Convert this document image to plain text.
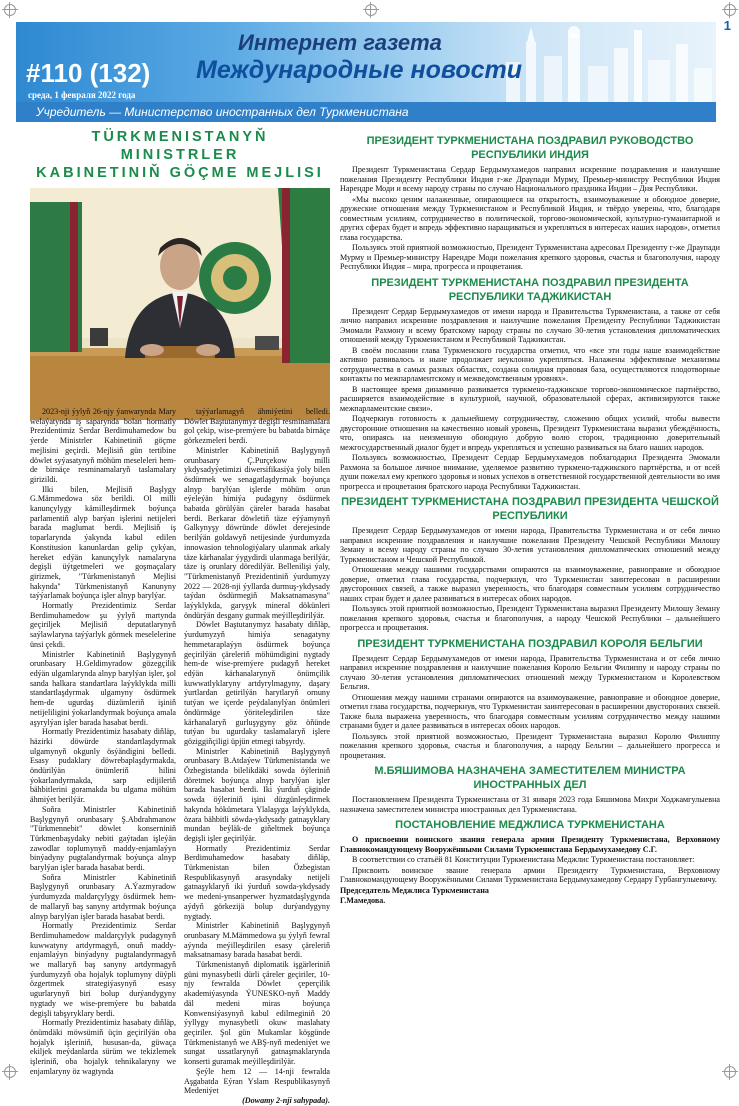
1
#110 (132)
среда, 1 февраля 2022 года
Интернет газета
Международные новости
Учредитель — Министерство иностранных дел Туркменистана
TÜRKMENISTANYŇ MINISTRLER
KABINETINIŇ GÖÇME MEJLISI

2023-nji ýylyň 26-njy ýanwarynda Mary welaýatynda iş saparynda bolan hormatly Prezidentimiz Serdar Berdimuhamedow bu ýerde Ministrler Kabinetiniň göçme mejlisini geçirdi. Mejlisiň gün tertibine döwlet syýasatynyň möhüm meseleleri hem-de birnäçe resminamalaryň taslamalary girizildi.

Ilki bilen, Mejlisiň Başlygy G.Mämmedowa söz berildi. Ol milli kanunçylygy kämilleşdirmek boýunça parlamentiň alyp barýan işlerini netijeleri barada maglumat berdi. Mejlisiň iş toparlarynda ýakynda kabul edilen Konstitusion kanunlardan gelip çykýan, hereket edýän kanunçylyk namalaryna degişli üýtgetmeleri we goşmaçalary girizmek, "Türkmenistanyň Mejlisi hakynda" Türkmenistanyň Kanunyny taýýarlamak boýunça işler alnyp barylýar.

Hormatly Prezidentimiz Serdar Berdimuhamedow şu ýylyň martynda geçiriljek Mejlisiň deputatlarynyň saýlawlaryna taýýarlyk görmek meselelerine ünsi çekdi.

Ministrler Kabinetiniň Başlygynyň orunbasary H.Geldimyradow gözegçilik edýän ulgamlarynda alnyp barylýan işler, şol sanda halkara standartlara laýyklykda milli standartlaşdyrmak ulgamyny ösdürmek hem-de ugurdaş düzümleriň işiniň netijeliligini ýokarlandyrmak boýunça amala aşyrylýan işler barada hasabat berdi.

Hormatly Prezidentimiz hasabaty diňläp, häzirki döwürde standartlaşdyrmak ulgamynyň okgunly ösýändigini belledi. Esasy pudaklary döwrebaplaşdyrmakda, öndürilýän önümleriň hilini ýokarlandyrmakda, sarp edijileriň bähbitlerini goramakda bu ulgama möhüm ähmiýet berilýär.

Soňra Ministrler Kabinetiniň Başlygynyň orunbasary Ş.Abdrahmanow "Türkmennebit" döwlet konserniniň Türkmenbaşydaky nebiti gaýtadan işleýän zawodlar toplumynyň maddy-enjamlaýyn binýadyny pugtalandyrmak boýunça alnyp barylýan işler barada hasabat berdi.

Soňra Ministrler Kabinetiniň Başlygynyň orunbasary A.Ýazmyradow ýurdumyzda maldarçylygy ösdürmek hem-de mallaryň baş sanyny artdyrmak boýunça alnyp barylýan işler barada hasabat berdi.

Hormatly Prezidentimiz Serdar Berdimuhamedow maldarçylyk pudagynyň kuwwatyny artdyrmagyň, onuň maddy-enjamlaýyn binýadyny pugtalandyrmagyň we mallaryň baş sanyny artdyrmagyň ýurdumyzyň oba hojalyk toplumyny düýpli özgertmek strategiýasynyň esasy ugurlarynyň biri bolup durýandygyny nygtady we wise-premýere bu babatda degişli tabşyryklary berdi.

Hormatly Prezidentimiz hasabaty diňläp, önümdäki möwsümiň üçin geçirilýän oba hojalyk işleriniň, hususan-da, güwaça ekiljek meýdanlarda sürüm we tekizlemek işleriniň, oba hojalyk tehnikalaryny we enjamlaryny öz wagtynda

taýýarlamagyň ähmiýetini belledi. Döwlet Baştutanymyz degişli resminamalara gol çekip, wise-premýere bu babatda birnäçe görkezmeleri berdi.

Ministrler Kabinetiniň Başlygynyň orunbasary Ç.Purçekow milli ykdysadyýetimizi diwersifikasiýa ýoly bilen ösdürmek we senagatlaşdyrmak boýunça alnyp barylýan işlerde möhüm orun eýeleýän himiýa pudagyny ösdürmek babatda görülýän çäreler barada hasabat berdi. Berkarar döwletiň täze eýýamynyň Galkynyşy döwründe döwlet derejesinde berilýän goldawyň netijesinde ýurdumyzda innowasion tehnologiýalary ulanmak arkaly täze kärhanalar ýygydirdi ulanmaga berilýär, täze iş orunlary döredilýär. Bellenilişi ýaly, "Türkmenistanyň Prezidentiniň ýurdumyzy 2022 — 2028-nji ýyllarda durmuş-ykdysady taýdan ösdürmegiň Maksatnamasyna" laýyklykda, garyşyk mineral dökünleri öndürýän desgany gurmak meýilleşdirilýär.

Döwlet Baştutanymyz hasabaty diňläp, ýurdumyzyň himiýa senagatyny hemmetaraplaýyn ösdürmek boýunça geçirilýän çäreleriň möhümdigini nygtady hem-de wise-premýere pudagyň hereket edýän kärhanalarynyň önümçilik kuwwatlyklaryny artdyrylmagyny, daşary ýurtlardan getirilýän harytlaryň ornuny tutýan we içerde peýdalanylýan önümleri öndürmäge ýöriteleşdirilen täze kärhanalaryň gurluşygyny göz öňünde tutýan bu ugurdaky taslamalaryň işlere göziggiňçiligi üpjün etmegi tabşyrdy.

Ministrler Kabinetiniň Başlygynyň orunbasary B.Atdaýew Türkmenistanda we Özbegistanda bilelikdäki sowda öýleriniň döretmek boýunça alnyp barylýan işler barada hasabat berdi. Iki ýurduň çäginde sowda öýleriniň işini düzgünleşdirmek hakynda hökümetara Ylalaşyga laýyklykda, özara bähbitli söwda-ykdysady gatnaşyklary mundan beýläk-de giňeltmek boýunça degişli işler geçirilýär.

Hormatly Prezidentimiz Serdar Berdimuhamedow hasabaty diňläp, Türkmenistan bilen Özbegistan Respublikasynyň arasyndaky netijeli gatnaşyklaryň iki ýurduň sowda-ykdysady we medeni-ynsanperwer hyzmatdaşlygynda aýdyň görkezijä bolup durýandygyny nygtady.

Ministrler Kabinetiniň Başlygynyň orunbasary M.Mämmedowa şu ýylyň fewral aýynda meýilleşdirilen esasy çäreleriň maksatnamasy barada hasabat berdi.

Türkmenistanyň diplomatik işgärleriniň güni mynasybetli dürli çäreler geçiriler, 10-njy fewralda Döwlet çeperçilik akademiýasynda ÝUNESKO-nyň Maddy däl medeni miras boýunça Konwensiýasynyň kabul edilmeginiň 20 ýyllygy mynasybetli okuw maslahaty geçiriler. Şol gün Mukamlar köşgünde Türkmenistanyň we ABŞ-nyň medeniýet we sungat ussatlarynyň gatnaşmaklarynda konserti guramak meýilleşdirilýär.

Şeýle hem 12 — 14-nji fewralda Aşgabatda Eýran Yslam Respublikasynyň Medeniýet

(Dowamy 2-nji sahypada).

ПРЕЗИДЕНТ ТУРКМЕНИСТАНА ПОЗДРАВИЛ РУКОВОДСТВО РЕСПУБЛИКИ ИНДИЯ

Президент Туркменистана Сердар Бердымухамедов направил искренние поздравления и наилучшие пожелания Президенту Республики Индия г-же Драупади Мурму, Премьер-министру Республики Индия Нарендре Моди и всему народу страны по случаю Национального праздника Индии – Дня Республики.

«Мы высоко ценим налаженные, опирающиеся на открытость, взаимоуважение и обоюдное доверие, дружеские отношения между Туркменистаном и Республикой Индия, и твёрдо уверены, что, благодаря совместным усилиям, сотрудничество в политической, торгово-экономической, культурно-гуманитарной и других сферах будет и впредь эффективно наращиваться и укрепляться в интересах наших народов», отметил глава государства.

Пользуясь этой приятной возможностью, Президент Туркменистана адресовал Президенту г-же Драупади Мурму и Премьер-министру Нарендре Моди пожелания крепкого здоровья, счастья и благополучия, народу Республики Индия – мира, прогресса и процветания.

ПРЕЗИДЕНТ ТУРКМЕНИСТАНА ПОЗДРАВИЛ ПРЕЗИДЕНТА РЕСПУБЛИКИ ТАДЖИКИСТАН

Президент Сердар Бердымухамедов от имени народа и Правительства Туркменистана, а также от себя лично направил искренние поздравления и наилучшие пожелания Президенту Республики Таджикистан Эмомали Рахмону и всему братскому народу страны по случаю 30-летия установления дипломатических отношений между Туркменистаном и Республикой Таджикистан.

В своём послании глава Туркменского государства отметил, что «все эти годы наше взаимодействие активно развивалось и ныне продолжает неуклонно укрепляться. Налажены эффективные механизмы сотрудничества в самых разных областях, создана солидная правовая база, осуществляются плодотворные контакты по межпарламентскому и межведомственным уровнях».

В настоящее время динамично развивается туркмено-таджикское торгово-экономическое партнёрство, расширяется взаимодействие в культурной, научной, образовательной сферах, активизируются также межпарламентские связи».

Подчеркнув готовность к дальнейшему сотрудничеству, сложению общих усилий, чтобы вывести двусторонние отношения на качественно новый уровень, Президент Туркменистана выразил убеждённость, что, опираясь на неизменную обоюдную добрую волю сторон, традиционно доверительный межгосударственный диалог будет и впредь укрепляться и успешно развиваться на благо наших народов.

Пользуясь возможностью, Президент Сердар Бердымухамедов поблагодарил Президента Эмомали Рахмона за большое личное внимание, уделяемое развитию туркмено-таджикского партнёрства, и от всей души пожелал ему крепкого здоровья и новых успехов в ответственной государственной деятельности во имя прогресса и процветания братского народа Республики Таджикистан.

ПРЕЗИДЕНТ ТУРКМЕНИСТАНА ПОЗДРАВИЛ ПРЕЗИДЕНТА ЧЕШСКОЙ РЕСПУБЛИКИ

Президент Сердар Бердымухамедов от имени народа, Правительства Туркменистана и от себя лично направил искренние поздравления и наилучшие пожелания Президенту Чешской Республики Милошу Земану и всему народу страны по случаю 30-летия установления дипломатических отношений между Туркменистаном и Чешской Республикой.

Отношения между нашими государствами опираются на взаимоуважение, равноправие и обоюдное доверие, отметил глава государства, подчеркнув, что Туркменистан заинтересован в расширении двусторонних связей, а также выразил уверенность, что благодаря совместным усилиям сотрудничество наших стран будет и далее развиваться в интересах обоих народов.

Пользуясь этой приятной возможностью, Президент Туркменистана выразил Президенту Милошу Земану пожелания крепкого здоровья, счастья и благополучия, а народу Чешской Республики – дальнейшего прогресса и процветания.

ПРЕЗИДЕНТ ТУРКМЕНИСТАНА ПОЗДРАВИЛ КОРОЛЯ БЕЛЬГИИ

Президент Сердар Бердымухамедов от имени народа, Правительства Туркменистана и от себя лично направил искренние поздравления и наилучшие пожелания Королю Бельгии Филиппу и народу страны по случаю 30-летия установления дипломатических отношений между Туркменистаном и Королевством Бельгия.

Отношения между нашими странами опираются на взаимоуважение, равноправие и обоюдное доверие, отметил глава государства, подчеркнув, что Туркменистан заинтересован в расширении двусторонних связей. Также была выражена уверенность, что благодаря совместным усилиям сотрудничество между нашими странами будет и далее развиваться в интересах обоих народов.

Пользуясь этой приятной возможностью, Президент Туркменистана выразил Королю Филиппу пожелания крепкого здоровья, счастья и благополучия, а народу Бельгии – дальнейшего прогресса и процветания.

М.БЯШИМОВА НАЗНАЧЕНА ЗАМЕСТИТЕЛЕМ МИНИСТРА ИНОСТРАННЫХ ДЕЛ

Постановлением Президента Туркменистана от 31 января 2023 года Бяшимова Михри Ходжамгулыевна назначена заместителем министра иностранных дел Туркменистана.

ПОСТАНОВЛЕНИЕ МЕДЖЛИСА ТУРКМЕНИСТАНА

О присвоении воинского звания генерала армии Президенту Туркменистана, Верховному Главнокомандующему Вооружёнными Силами Туркменистана Бердымухамедову С.Г.

В соответствии со статьёй 81 Конституции Туркменистана Меджлис Туркменистана постановляет:

Присвоить воинское звание генерала армии Президенту Туркменистана, Верховному Главнокомандующему Вооружёнными Силами Туркменистана Бердымухамедову Сердару Гурбангулыевичу.

Председатель Меджлиса Туркменистана

Г.Мамедова.
